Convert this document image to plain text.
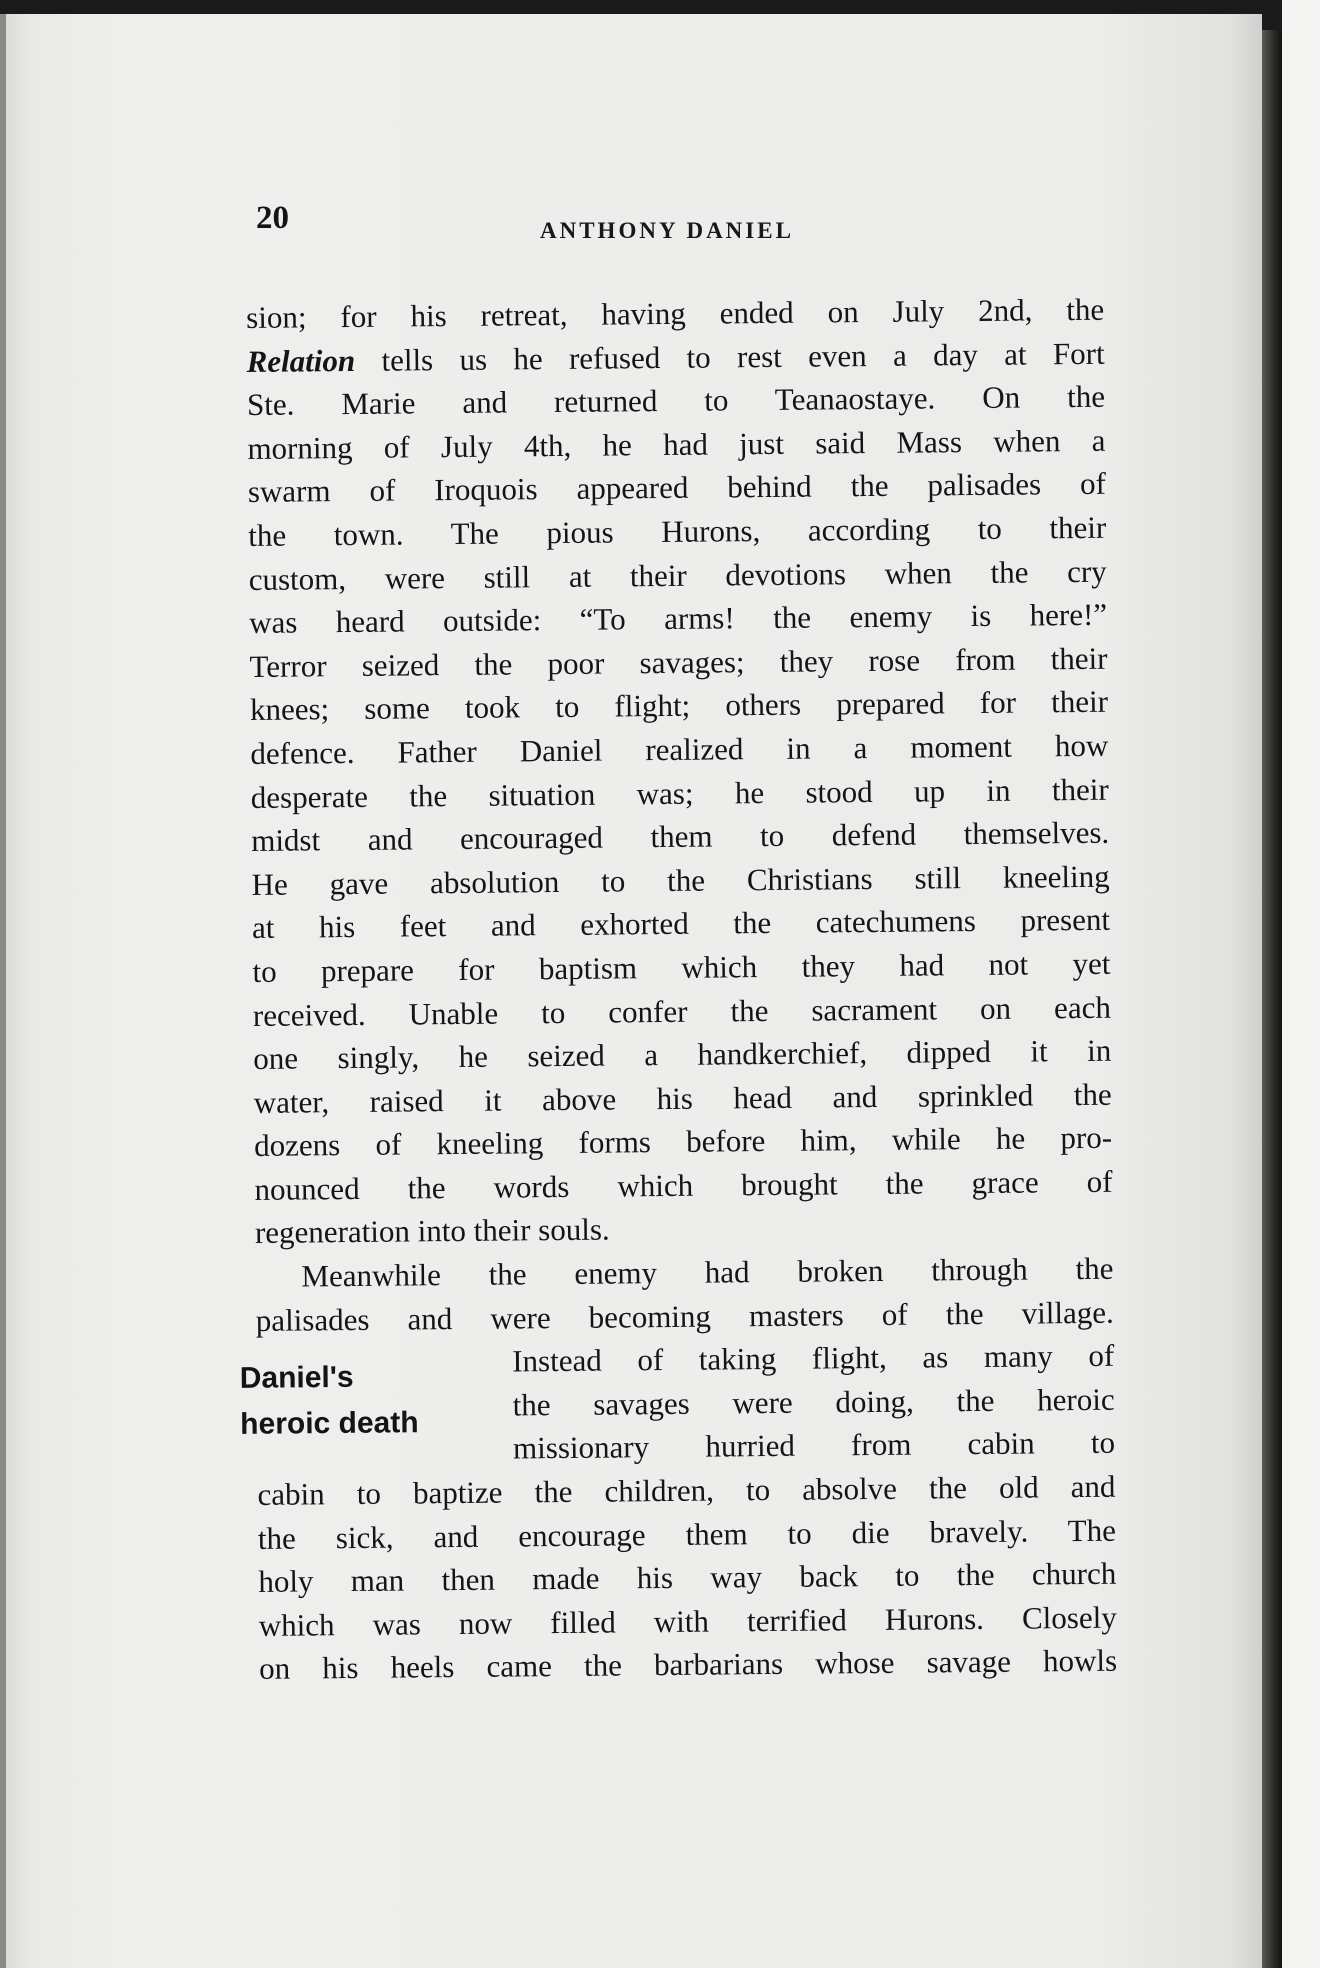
20	ANTHONY DANIEL
Daniel's
heroic death
sion; for his retreat, having ended on July 2nd, the
Relation tells us he refused to rest even a day at Fort
Ste. Marie and returned to Teanaostaye. On the
morning of July 4th, he had just said Mass when a
swarm of Iroquois appeared behind the palisades of
the town. The pious Hurons, according to their
custom, were still at their devotions when the cry
was heard outside: “To arms! the enemy is here!”
Terror seized the poor savages; they rose from their
knees; some took to flight; others prepared for their
defence. Father Daniel realized in a moment how
desperate the situation was; he stood up in their
midst and encouraged them to defend themselves.
He gave absolution to the Christians still kneeling
at his feet and exhorted the catechumens present
to prepare for baptism which they had not yet
received. Unable to confer the sacrament on each
one singly, he seized a handkerchief, dipped it in
water, raised it above his head and sprinkled the
dozens of kneeling forms before him, while he pro-
nounced the words which brought the grace of
regeneration into their souls.
Meanwhile the enemy had broken through the
palisades and were becoming masters of the village.
Instead of taking flight, as many of
the savages were doing, the heroic
missionary hurried from cabin to
cabin to baptize the children, to absolve the old and
the sick, and encourage them to die bravely. The
holy man then made his way back to the church
which was now filled with terrified Hurons. Closely
on his heels came the barbarians whose savage howls
